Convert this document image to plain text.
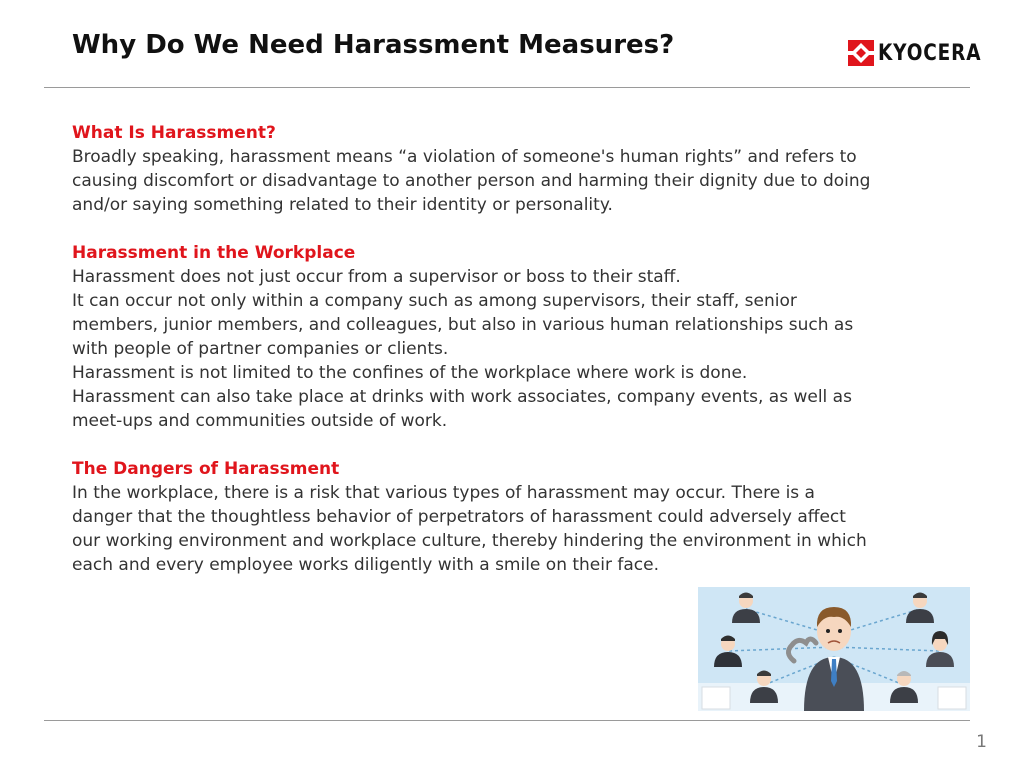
Why Do We Need Harassment Measures?	KYOCERA

What Is Harassment?

Broadly speaking, harassment means “a violation of someone's human rights” and refers to
causing discomfort or disadvantage to another person and harming their dignity due to doing
and/or saying something related to their identity or personality.

Harassment in the Workplace

Harassment does not just occur from a supervisor or boss to their staff.
It can occur not only within a company such as among supervisors, their staff, senior
members, junior members, and colleagues, but also in various human relationships such as
with people of partner companies or clients.
Harassment is not limited to the confines of the workplace where work is done.
Harassment can also take place at drinks with work associates, company events, as well as
meet-ups and communities outside of work.

The Dangers of Harassment

In the workplace, there is a risk that various types of harassment may occur. There is a
danger that the thoughtless behavior of perpetrators of harassment could adversely affect
our working environment and workplace culture, thereby hindering the environment in which
each and every employee works diligently with a smile on their face.

1
